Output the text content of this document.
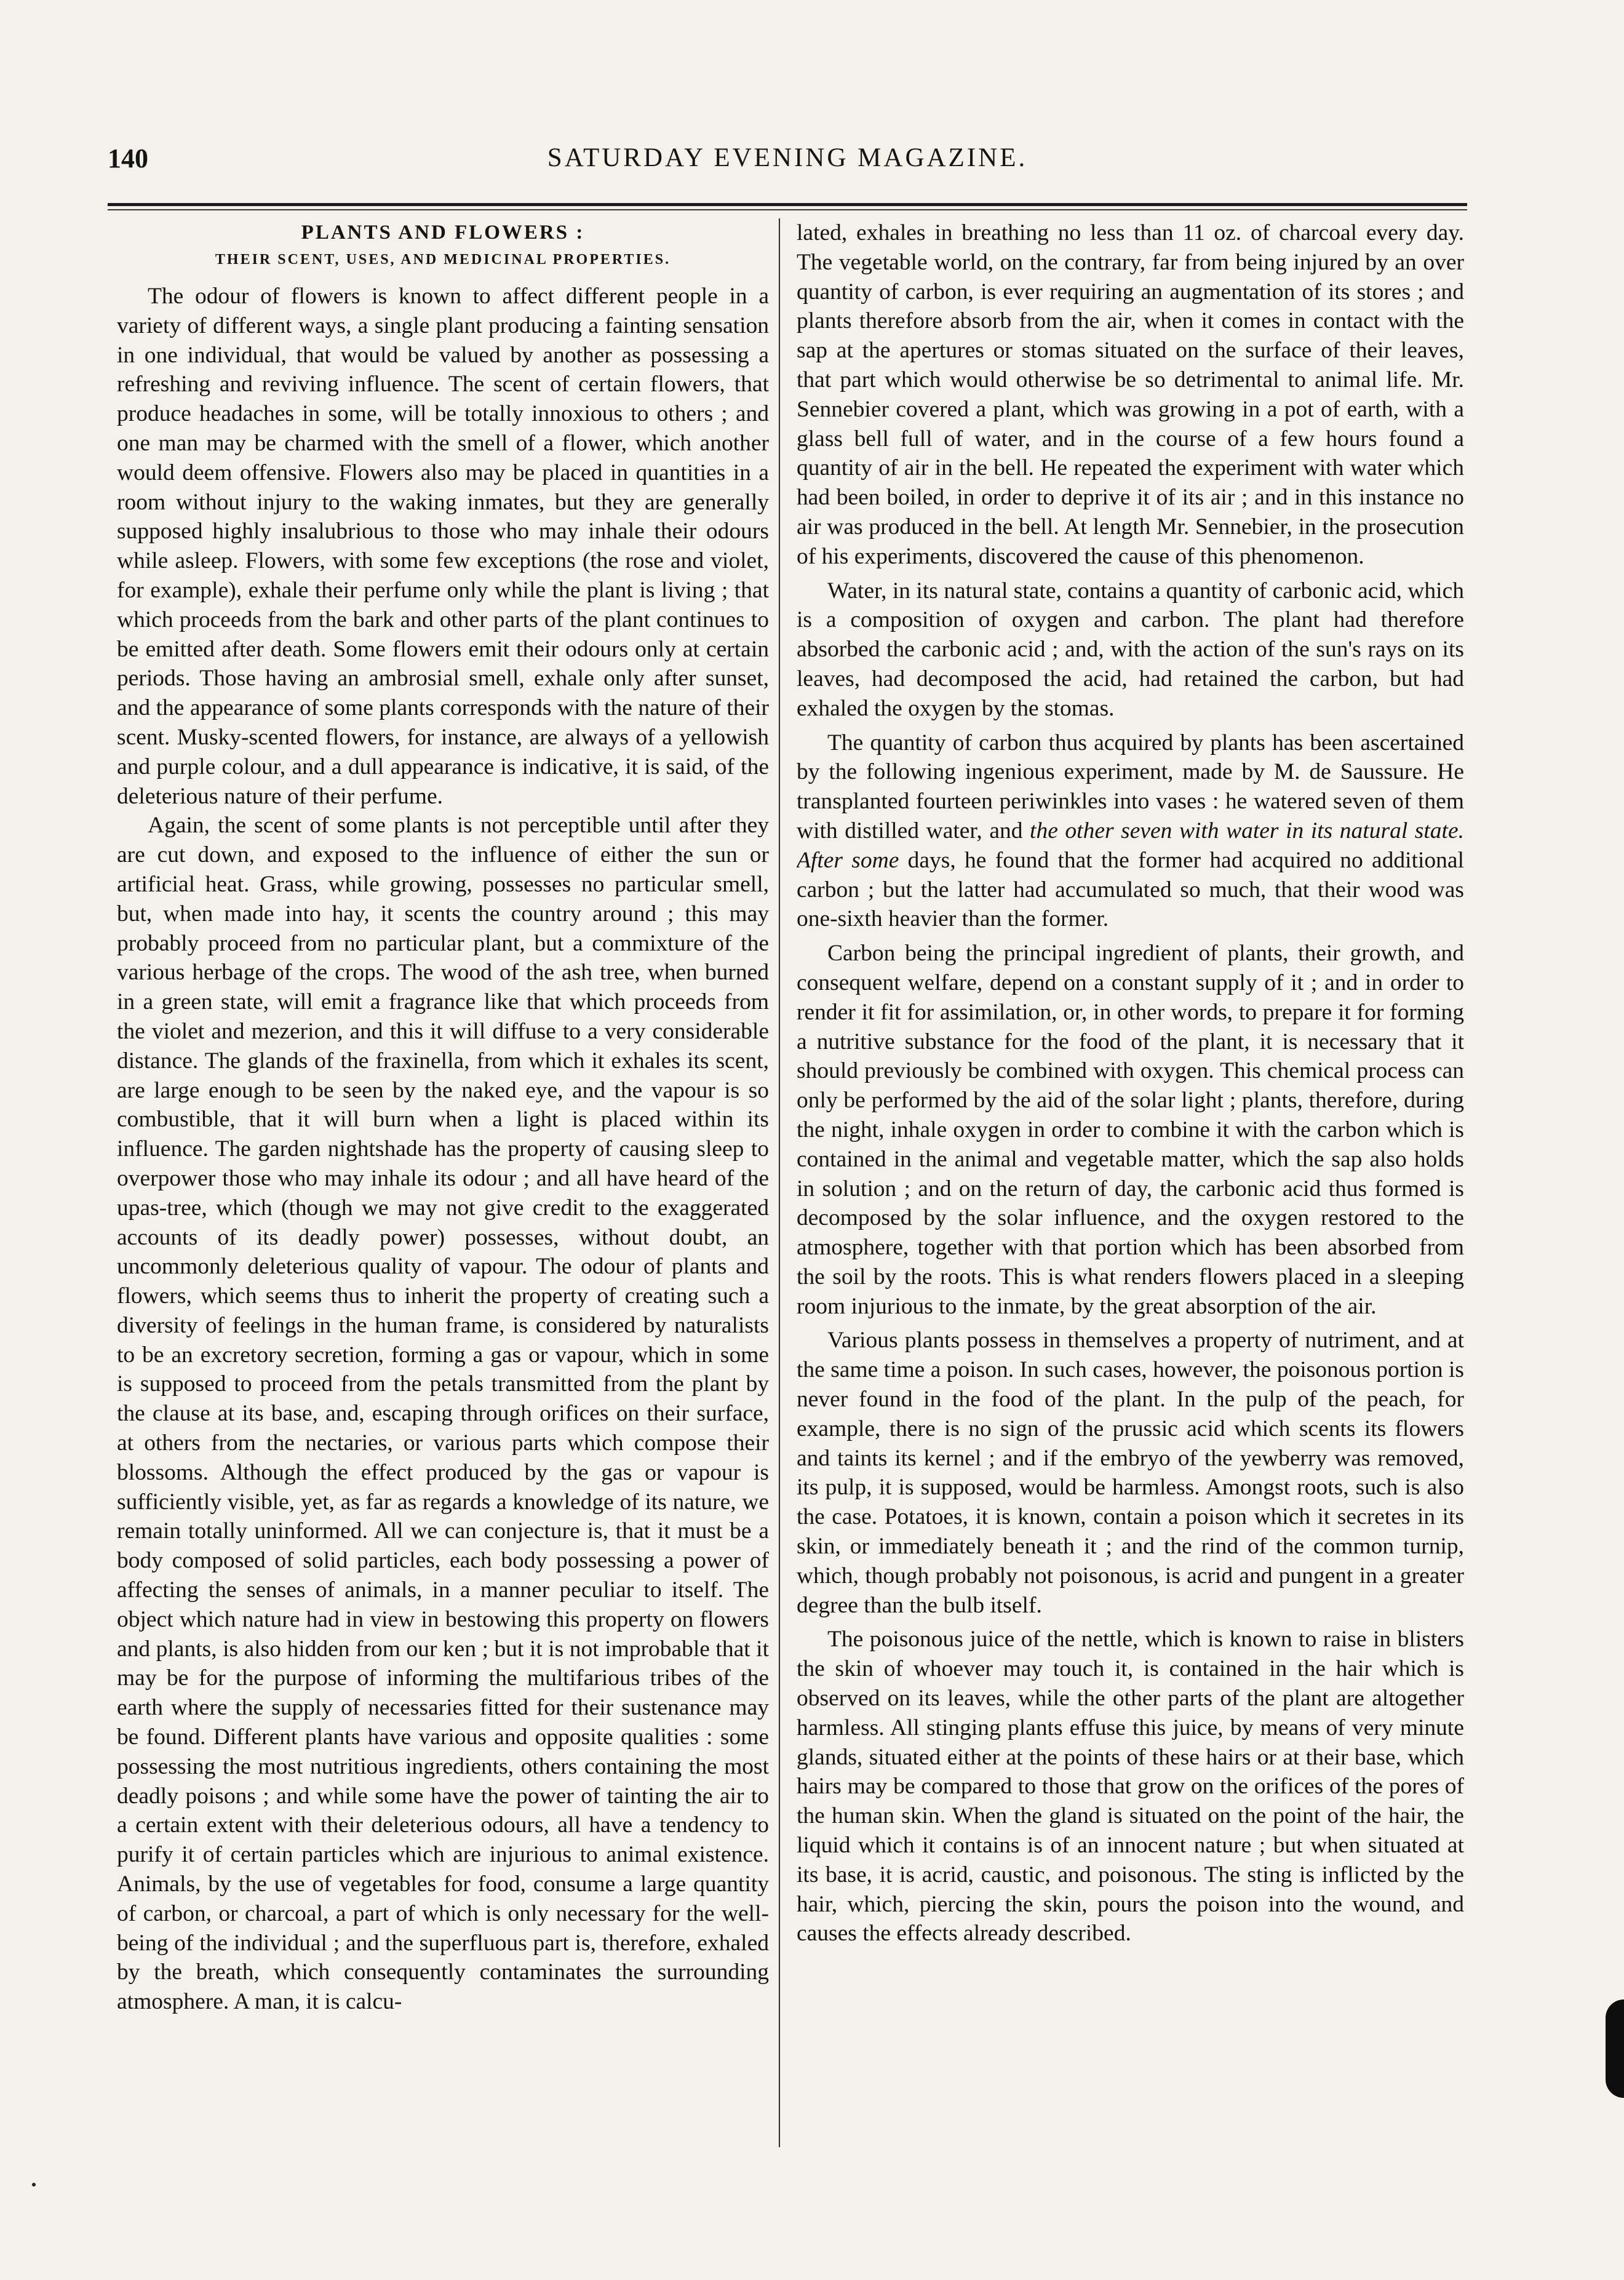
140	SATURDAY EVENING MAGAZINE.
PLANTS AND FLOWERS :
THEIR SCENT, USES, AND MEDICINAL PROPERTIES.

The odour of flowers is known to affect different people in a variety of different ways, a single plant producing a fainting sensation in one individual, that would be valued by another as possessing a refreshing and reviving influence. The scent of certain flowers, that produce headaches in some, will be totally innoxious to others ; and one man may be charmed with the smell of a flower, which another would deem offensive. Flowers also may be placed in quantities in a room without injury to the waking inmates, but they are generally supposed highly insalubrious to those who may inhale their odours while asleep. Flowers, with some few exceptions (the rose and violet, for example), exhale their perfume only while the plant is living ; that which proceeds from the bark and other parts of the plant continues to be emitted after death. Some flowers emit their odours only at certain periods. Those having an ambrosial smell, exhale only after sunset, and the appearance of some plants corresponds with the nature of their scent. Musky-scented flowers, for instance, are always of a yellowish and purple colour, and a dull appearance is indicative, it is said, of the deleterious nature of their perfume.

Again, the scent of some plants is not perceptible until after they are cut down, and exposed to the influence of either the sun or artificial heat. Grass, while growing, possesses no particular smell, but, when made into hay, it scents the country around ; this may probably proceed from no particular plant, but a commixture of the various herbage of the crops. The wood of the ash tree, when burned in a green state, will emit a fragrance like that which proceeds from the violet and mezerion, and this it will diffuse to a very considerable distance. The glands of the fraxinella, from which it exhales its scent, are large enough to be seen by the naked eye, and the vapour is so combustible, that it will burn when a light is placed within its influence. The garden nightshade has the property of causing sleep to overpower those who may inhale its odour ; and all have heard of the upas-tree, which (though we may not give credit to the exaggerated accounts of its deadly power) possesses, without doubt, an uncommonly deleterious quality of vapour. The odour of plants and flowers, which seems thus to inherit the property of creating such a diversity of feelings in the human frame, is considered by naturalists to be an excretory secretion, forming a gas or vapour, which in some is supposed to proceed from the petals transmitted from the plant by the clause at its base, and, escaping through orifices on their surface, at others from the nectaries, or various parts which compose their blossoms. Although the effect produced by the gas or vapour is sufficiently visible, yet, as far as regards a knowledge of its nature, we remain totally uninformed. All we can conjecture is, that it must be a body composed of solid particles, each body possessing a power of affecting the senses of animals, in a manner peculiar to itself. The object which nature had in view in bestowing this property on flowers and plants, is also hidden from our ken ; but it is not improbable that it may be for the purpose of informing the multifarious tribes of the earth where the supply of necessaries fitted for their sustenance may be found. Different plants have various and opposite qualities : some possessing the most nutritious ingredients, others containing the most deadly poisons ; and while some have the power of tainting the air to a certain extent with their deleterious odours, all have a tendency to purify it of certain particles which are injurious to animal existence. Animals, by the use of vegetables for food, consume a large quantity of carbon, or charcoal, a part of which is only necessary for the well-being of the individual ; and the superfluous part is, therefore, exhaled by the breath, which consequently contaminates the surrounding atmosphere. A man, it is calcu-

lated, exhales in breathing no less than 11 oz. of charcoal every day. The vegetable world, on the contrary, far from being injured by an over quantity of carbon, is ever requiring an augmentation of its stores ; and plants therefore absorb from the air, when it comes in contact with the sap at the apertures or stomas situated on the surface of their leaves, that part which would otherwise be so detrimental to animal life. Mr. Sennebier covered a plant, which was growing in a pot of earth, with a glass bell full of water, and in the course of a few hours found a quantity of air in the bell. He repeated the experiment with water which had been boiled, in order to deprive it of its air ; and in this instance no air was produced in the bell. At length Mr. Sennebier, in the prosecution of his experiments, discovered the cause of this phenomenon.

Water, in its natural state, contains a quantity of carbonic acid, which is a composition of oxygen and carbon. The plant had therefore absorbed the carbonic acid ; and, with the action of the sun's rays on its leaves, had decomposed the acid, had retained the carbon, but had exhaled the oxygen by the stomas.

The quantity of carbon thus acquired by plants has been ascertained by the following ingenious experiment, made by M. de Saussure. He transplanted fourteen periwinkles into vases : he watered seven of them with distilled water, and the other seven with water in its natural state. After some days, he found that the former had acquired no additional carbon ; but the latter had accumulated so much, that their wood was one-sixth heavier than the former.

Carbon being the principal ingredient of plants, their growth, and consequent welfare, depend on a constant supply of it ; and in order to render it fit for assimilation, or, in other words, to prepare it for forming a nutritive substance for the food of the plant, it is necessary that it should previously be combined with oxygen. This chemical process can only be performed by the aid of the solar light ; plants, therefore, during the night, inhale oxygen in order to combine it with the carbon which is contained in the animal and vegetable matter, which the sap also holds in solution ; and on the return of day, the carbonic acid thus formed is decomposed by the solar influence, and the oxygen restored to the atmosphere, together with that portion which has been absorbed from the soil by the roots. This is what renders flowers placed in a sleeping room injurious to the inmate, by the great absorption of the air.

Various plants possess in themselves a property of nutriment, and at the same time a poison. In such cases, however, the poisonous portion is never found in the food of the plant. In the pulp of the peach, for example, there is no sign of the prussic acid which scents its flowers and taints its kernel ; and if the embryo of the yewberry was removed, its pulp, it is supposed, would be harmless. Amongst roots, such is also the case. Potatoes, it is known, contain a poison which it secretes in its skin, or immediately beneath it ; and the rind of the common turnip, which, though probably not poisonous, is acrid and pungent in a greater degree than the bulb itself.

The poisonous juice of the nettle, which is known to raise in blisters the skin of whoever may touch it, is contained in the hair which is observed on its leaves, while the other parts of the plant are altogether harmless. All stinging plants effuse this juice, by means of very minute glands, situated either at the points of these hairs or at their base, which hairs may be compared to those that grow on the orifices of the pores of the human skin. When the gland is situated on the point of the hair, the liquid which it contains is of an innocent nature ; but when situated at its base, it is acrid, caustic, and poisonous. The sting is inflicted by the hair, which, piercing the skin, pours the poison into the wound, and causes the effects already described.
